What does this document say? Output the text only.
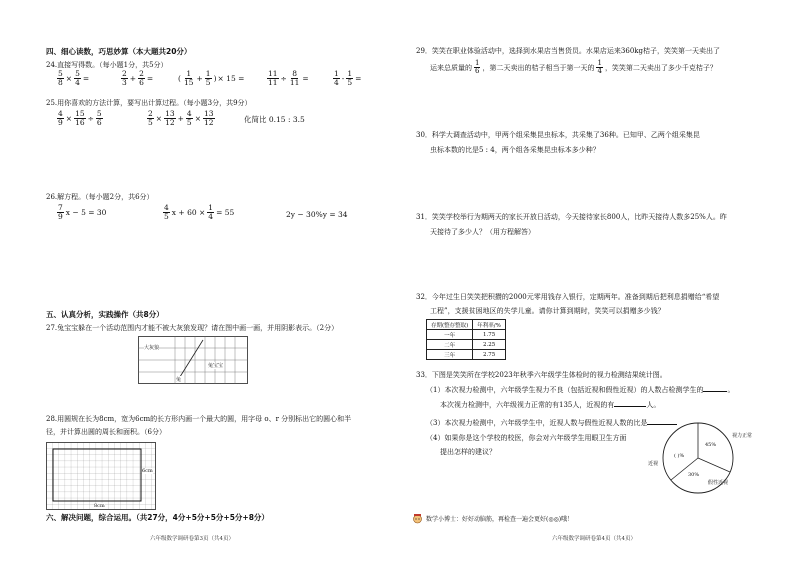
四、细心读数，巧思妙算（本大题共20分）
24.直接写得数。（每小题1分，共5分）
$\frac{5}{8} \times \frac{5}{4}$ =	$\frac{2}{3} + \frac{2}{6}$ =	( $\frac{1}{15} + \frac{1}{5}$ ) × 15 =	$\frac{11}{11} \div \frac{8}{11}$ =	$\frac{1}{4} - \frac{1}{5}$ =
25.用你喜欢的方法计算，要写出计算过程。（每小题3分，共9分）
$\frac{4}{9} \times \frac{15}{16} \div \frac{5}{6}$	$\frac{2}{5} \times \frac{13}{12} + \frac{4}{5} \times \frac{13}{12}$	化简比 0.15 : 3.5
26.解方程。（每小题2分，共6分）
$\frac{7}{9}$ x − 5 = 30	$\frac{4}{5}$ $x + 60 \times \frac{1}{4} = 55$	2y − 30%y = 34
五、认真分析，实践操作（共8分）
27.兔宝宝躲在一个活动范围内才能不被大灰狼发现？请在图中画一画，并用阴影表示。（2分）
大灰狼
兔
兔宝宝
28.用圆规在长为8cm，宽为6cm的长方形内画一个最大的圆，用字母 o、r 分别标出它的圆心和半
径，并计算出圆的周长和面积。（6分）
6cm
8cm
六、解决问题，综合运用。（共27分，4分+5分+5分+5分+8分）
六年级数学调研卷第3页（共4页）
29．笑笑在职业体验活动中，选择到水果店当售货员。水果店运来360kg桔子，笑笑第一天卖出了
运来总质量的 $\frac{1}{6}$ ，第二天卖出的桔子相当于第一天的 $\frac{1}{4}$ ，笑笑第二天卖出了多少千克桔子？
30．科学大调查活动中，甲两个组采集昆虫标本，共采集了36种。已知甲、乙两个组采集昆
虫标本数的比是5 : 4，两个组各采集昆虫标本多少种？
31．笑笑学校举行为期两天的家长开放日活动，今天接待家长800人，比昨天接待人数多25%人。昨
天接待了多少人？（用方程解答）
32．今年过生日笑笑把积攒的2000元零用钱存入银行，定期两年。准备到期后把利息捐赠给“希望
工程”，支援贫困地区的失学儿童。请你计算到期时，笑笑可以捐赠多少钱？
存期(整存整取)	年利率/%
一年	1.75
二年	2.25
三年	2.75
33．下图是笑笑所在学校2023年秋季六年级学生体检时的视力检测结果统计图。
（1）本次视力检测中，六年级学生视力不良（包括近视和假性近视）的人数占检测学生的	。
本次视力检测中，六年级视力正常的有135人，近视的有	人。
（3）本次视力检测中，六年级学生中，近视人数与假性近视人数的比是
（4）如果你是这个学校的校医，你会对六年级学生用眼卫生方面
提出怎样的建议？
45%
( )%
30%
视力正常
近视
假性近视
数学小博士：好好动脑筋，再检查一遍会更好(◎◎)哦！
六年级数学调研卷第4页（共4页）
